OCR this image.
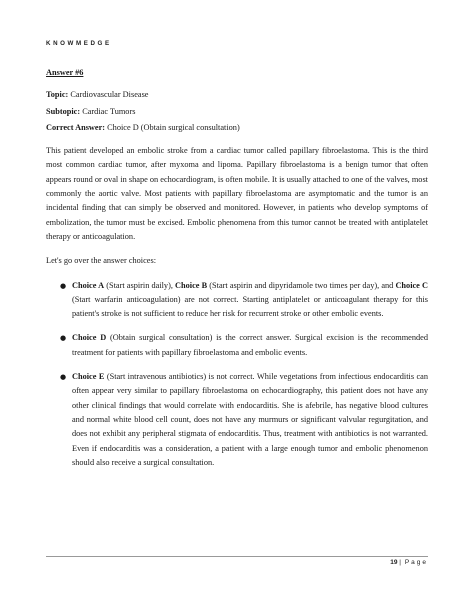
KNOWMEDGE
Answer #6
Topic: Cardiovascular Disease
Subtopic: Cardiac Tumors
Correct Answer: Choice D (Obtain surgical consultation)

This patient developed an embolic stroke from a cardiac tumor called papillary fibroelastoma. This is the third most common cardiac tumor, after myxoma and lipoma. Papillary fibroelastoma is a benign tumor that often appears round or oval in shape on echocardiogram, is often mobile. It is usually attached to one of the valves, most commonly the aortic valve. Most patients with papillary fibroelastoma are asymptomatic and the tumor is an incidental finding that can simply be observed and monitored. However, in patients who develop symptoms of embolization, the tumor must be excised. Embolic phenomena from this tumor cannot be treated with antiplatelet therapy or anticoagulation.

Let's go over the answer choices:

● Choice A (Start aspirin daily), Choice B (Start aspirin and dipyridamole two times per day), and Choice C (Start warfarin anticoagulation) are not correct. Starting antiplatelet or anticoagulant therapy for this patient's stroke is not sufficient to reduce her risk for recurrent stroke or other embolic events.
● Choice D (Obtain surgical consultation) is the correct answer. Surgical excision is the recommended treatment for patients with papillary fibroelastoma and embolic events.
● Choice E (Start intravenous antibiotics) is not correct. While vegetations from infectious endocarditis can often appear very similar to papillary fibroelastoma on echocardiography, this patient does not have any other clinical findings that would correlate with endocarditis. She is afebrile, has negative blood cultures and normal white blood cell count, does not have any murmurs or significant valvular regurgitation, and does not exhibit any peripheral stigmata of endocarditis. Thus, treatment with antibiotics is not warranted. Even if endocarditis was a consideration, a patient with a large enough tumor and embolic phenomenon should also receive a surgical consultation.
19 | Page
